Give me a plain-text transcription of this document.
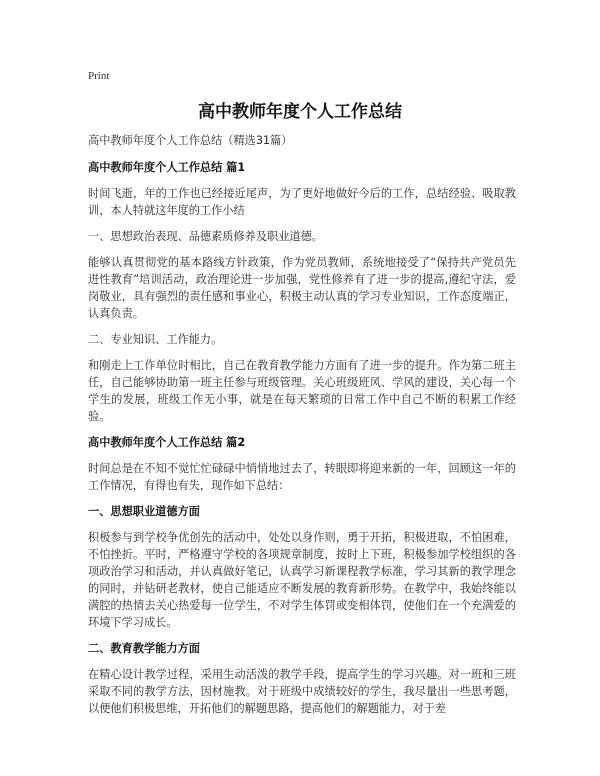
Print
高中教师年度个人工作总结

高中教师年度个人工作总结（精选31篇）

高中教师年度个人工作总结 篇1

时间飞逝，年的工作也已经接近尾声，为了更好地做好今后的工作，总结经验、吸取教训，本人特就这年度的工作小结

一、思想政治表现、品德素质修养及职业道德。

能够认真贯彻党的基本路线方针政策，作为党员教师，系统地接受了“保持共产党员先进性教育”培训活动，政治理论进一步加强，党性修养有了进一步的提高,遵纪守法，爱岗敬业，具有强烈的责任感和事业心，积极主动认真的学习专业知识，工作态度端正，认真负责。

二、专业知识、工作能力。

和刚走上工作单位时相比，自己在教育教学能力方面有了进一步的提升。作为第二班主任，自己能够协助第一班主任参与班级管理。关心班级班风、学风的建设，关心每一个学生的发展，班级工作无小事，就是在每天繁琐的日常工作中自己不断的积累工作经验。

高中教师年度个人工作总结 篇2

时间总是在不知不觉忙忙碌碌中悄悄地过去了，转眼即将迎来新的一年，回顾这一年的工作情况，有得也有失，现作如下总结：

一、思想职业道德方面

积极参与到学校争优创先的活动中，处处以身作则，勇于开拓，积极进取，不怕困难，不怕挫折。平时，严格遵守学校的各项规章制度，按时上下班，积极参加学校组织的各项政治学习和活动，并认真做好笔记，认真学习新课程教学标准，学习其新的教学理念的同时，并钻研老教材，使自己能适应不断发展的教育新形势。在教学中，我始终能以满腔的热情去关心热爱每一位学生，不对学生体罚或变相体罚，使他们在一个充满爱的环境下学习成长。

二、教育教学能力方面

在精心设计教学过程，采用生动活泼的教学手段，提高学生的学习兴趣。对一班和三班采取不同的教学方法，因材施教。对于班级中成绩较好的学生，我尽量出一些思考题，以便他们积极思维，开拓他们的解题思路，提高他们的解题能力，对于差
